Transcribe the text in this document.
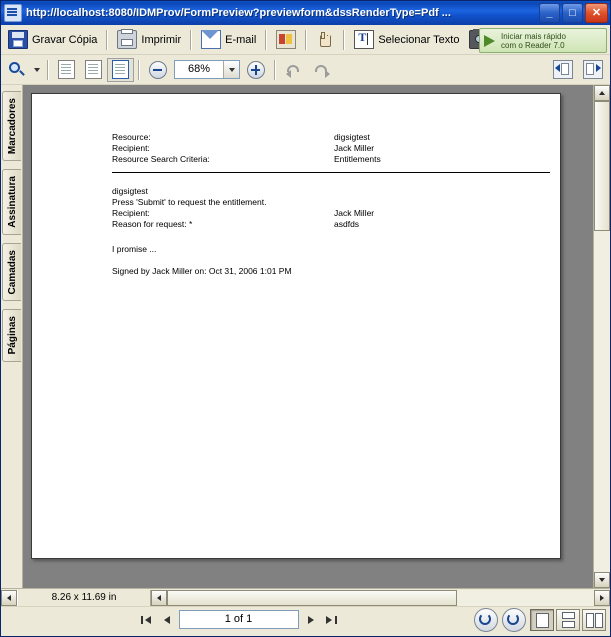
http://localhost:8080/IDMProv/FormPreview?previewform&dssRenderType=Pdf ...	_	□	✕
Gravar Cópia	Imprimir	E-mail T	Selecionar Texto	Iniciar mais rápido
com o Reader 7.0
68%
Marcadores
Assinatura
Camadas
Páginas
Resource:	digsigtest
Recipient:	Jack Miller
Resource Search Criteria:	Entitlements
digsigtest
Press 'Submit' to request the entitlement.
Recipient:	Jack Miller
Reason for request: *	asdfds
I promise ...
Signed by Jack Miller on: Oct 31, 2006 1:01 PM
8.26 x 11.69 in
1 of 1
